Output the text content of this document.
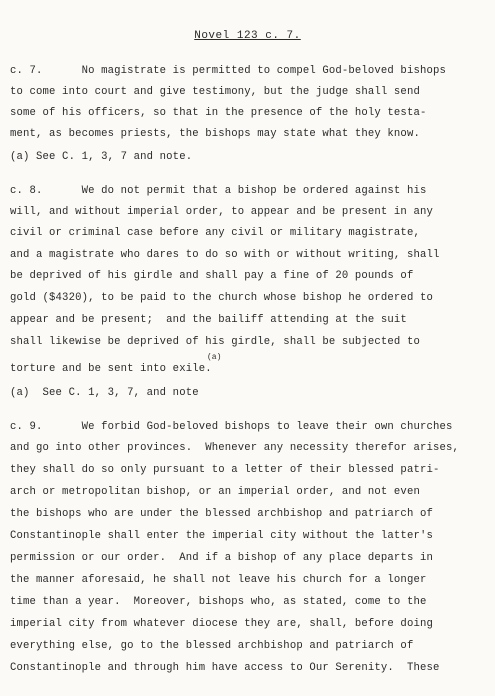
Novel 123 c. 7.
c. 7.      No magistrate is permitted to compel God-beloved bishops
to come into court and give testimony, but the judge shall send
some of his officers, so that in the presence of the holy testa-
ment, as becomes priests, the bishops may state what they know.
(a) See C. 1, 3, 7 and note.
c. 8.      We do not permit that a bishop be ordered against his
will, and without imperial order, to appear and be present in any
civil or criminal case before any civil or military magistrate,
and a magistrate who dares to do so with or without writing, shall
be deprived of his girdle and shall pay a fine of 20 pounds of
gold ($4320), to be paid to the church whose bishop he ordered to
appear and be present;  and the bailiff attending at the suit
shall likewise be deprived of his girdle, shall be subjected to
(a)
torture and be sent into exile.
(a)  See C. 1, 3, 7, and note
c. 9.      We forbid God-beloved bishops to leave their own churches
and go into other provinces.  Whenever any necessity therefor arises,
they shall do so only pursuant to a letter of their blessed patri-
arch or metropolitan bishop, or an imperial order, and not even
the bishops who are under the blessed archbishop and patriarch of
Constantinople shall enter the imperial city without the latter's
permission or our order.  And if a bishop of any place departs in
the manner aforesaid, he shall not leave his church for a longer
time than a year.  Moreover, bishops who, as stated, come to the
imperial city from whatever diocese they are, shall, before doing
everything else, go to the blessed archbishop and patriarch of
Constantinople and through him have access to Our Serenity.  These
